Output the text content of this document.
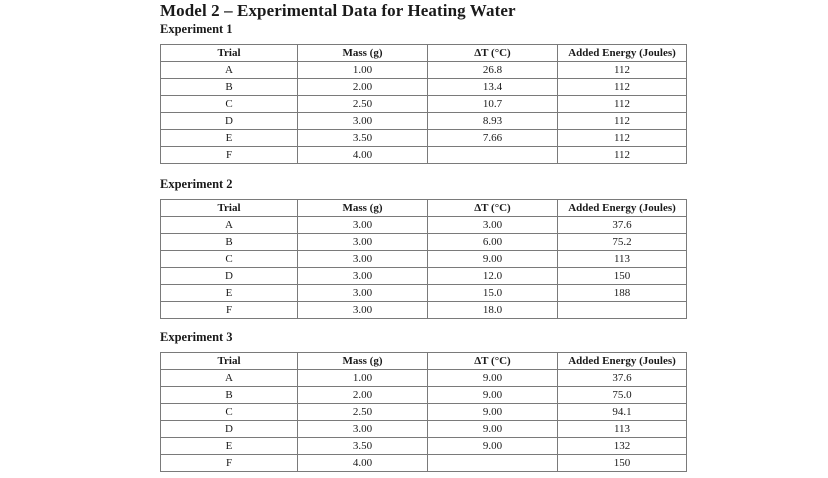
Model 2 – Experimental Data for Heating Water
Experiment 1
Trial	Mass (g)	ΔT (°C)	Added Energy (Joules)
A	1.00	26.8	112
B	2.00	13.4	112
C	2.50	10.7	112
D	3.00	8.93	112
E	3.50	7.66	112
F	4.00		112
Experiment 2
Trial	Mass (g)	ΔT (°C)	Added Energy (Joules)
A	3.00	3.00	37.6
B	3.00	6.00	75.2
C	3.00	9.00	113
D	3.00	12.0	150
E	3.00	15.0	188
F	3.00	18.0	
Experiment 3
Trial	Mass (g)	ΔT (°C)	Added Energy (Joules)
A	1.00	9.00	37.6
B	2.00	9.00	75.0
C	2.50	9.00	94.1
D	3.00	9.00	113
E	3.50	9.00	132
F	4.00		150
